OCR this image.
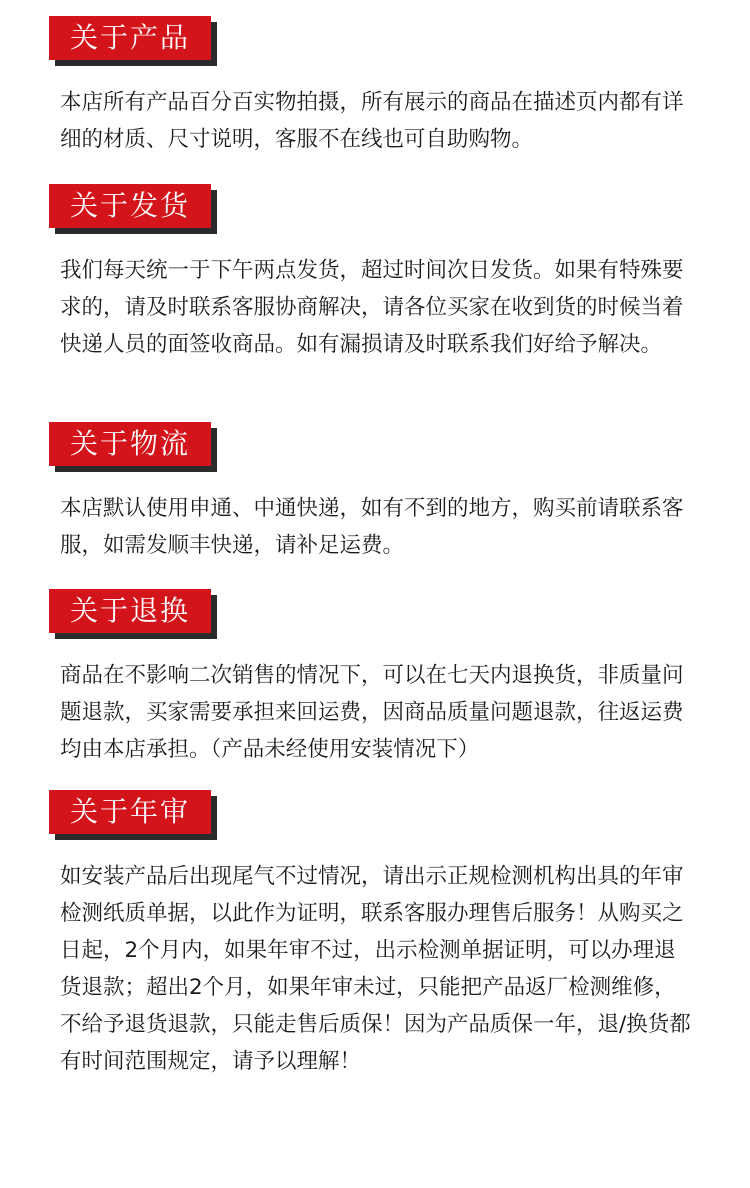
关于产品

本店所有产品百分百实物拍摄，所有展示的商品在描述页内都有详细的材质、尺寸说明，客服不在线也可自助购物。

关于发货

我们每天统一于下午两点发货，超过时间次日发货。如果有特殊要求的，请及时联系客服协商解决，请各位买家在收到货的时候当着快递人员的面签收商品。如有漏损请及时联系我们好给予解决。

关于物流

本店默认使用申通、中通快递，如有不到的地方，购买前请联系客服，如需发顺丰快递，请补足运费。

关于退换

商品在不影响二次销售的情况下，可以在七天内退换货，非质量问题退款，买家需要承担来回运费，因商品质量问题退款，往返运费均由本店承担。（产品未经使用安装情况下）

关于年审

如安装产品后出现尾气不过情况，请出示正规检测机构出具的年审检测纸质单据，以此作为证明，联系客服办理售后服务！从购买之日起，2个月内，如果年审不过，出示检测单据证明，可以办理退货退款；超出2个月，如果年审未过，只能把产品返厂检测维修，不给予退货退款，只能走售后质保！因为产品质保一年，退/换货都有时间范围规定，请予以理解！
